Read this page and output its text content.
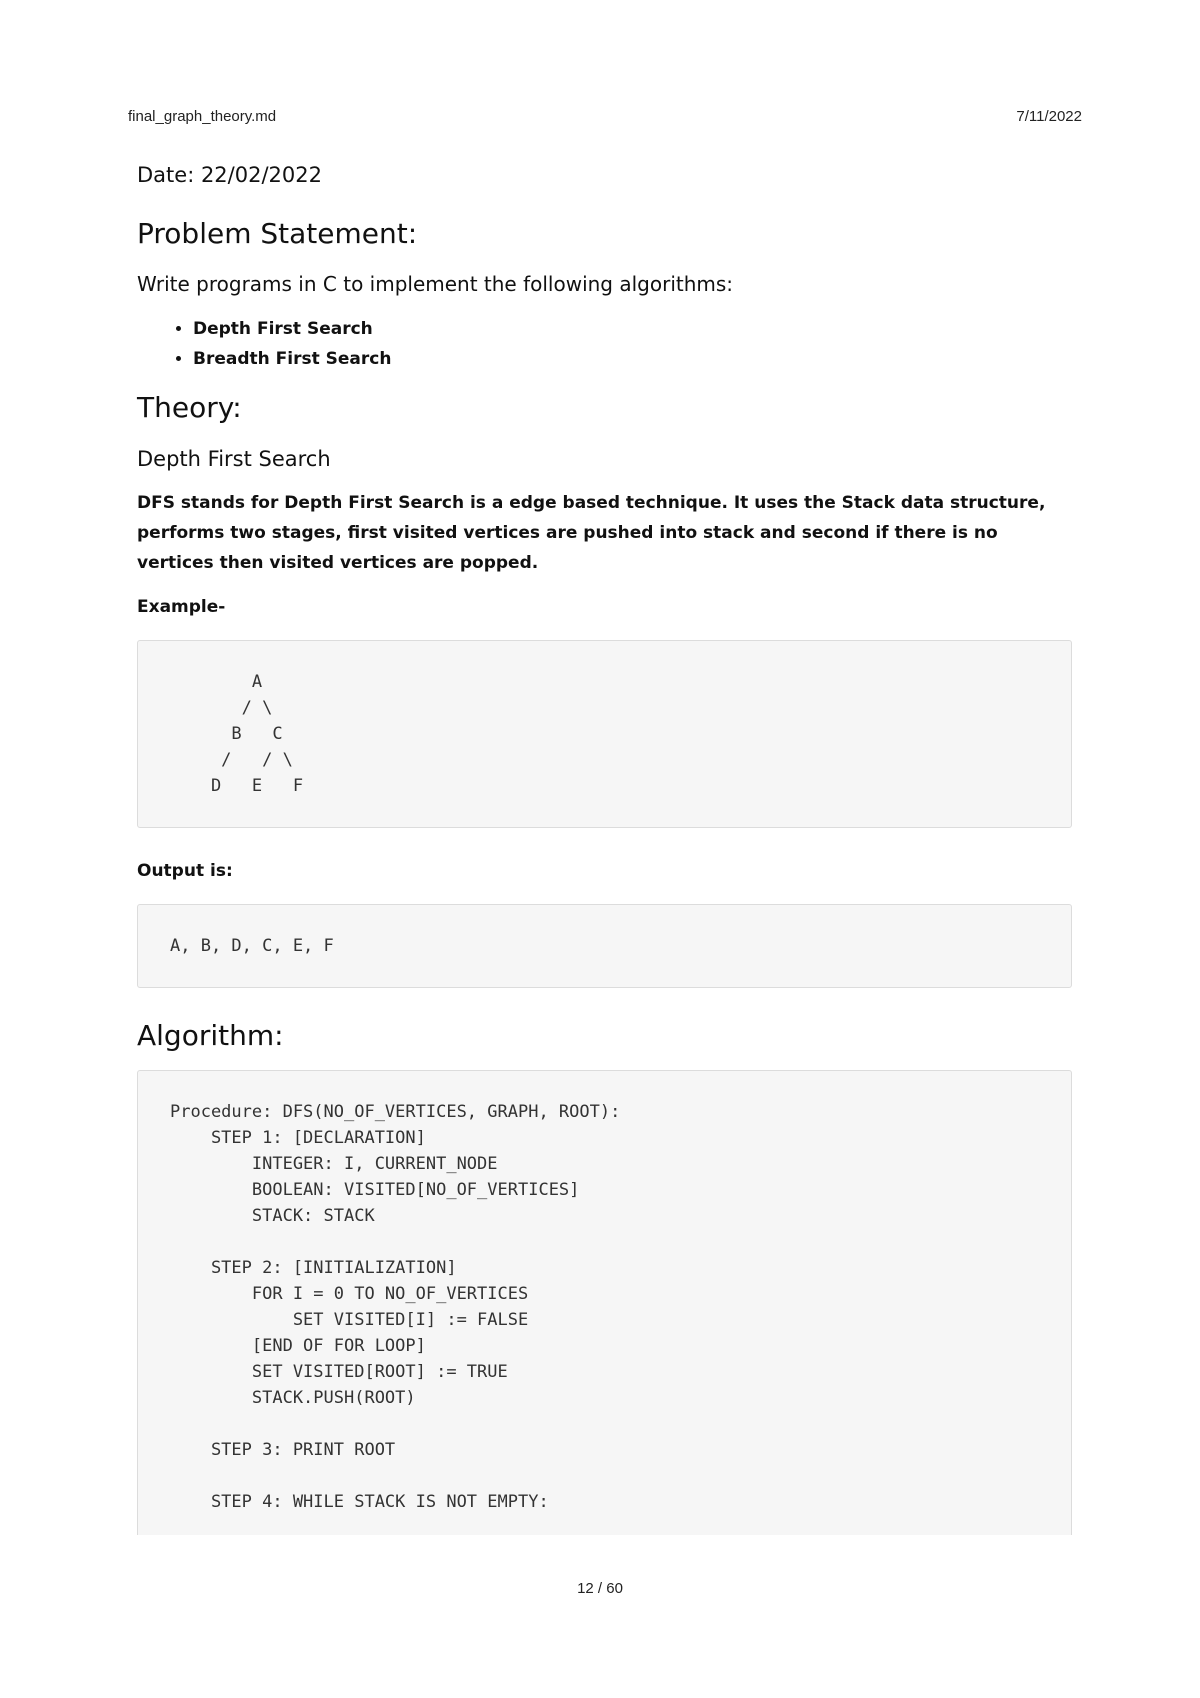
final_graph_theory.md	7/11/2022

Date: 22/02/2022

Problem Statement:

Write programs in C to implement the following algorithms:

• Depth First Search
• Breadth First Search
Theory:
Depth First Search

DFS stands for Depth First Search is a edge based technique. It uses the Stack data structure, performs two stages, first visited vertices are pushed into stack and second if there is no vertices then visited vertices are popped.

Example-

A
/ \
B   C
/   / \
D   E   F

Output is:

A, B, D, C, E, F
Algorithm:
Procedure: DFS(NO_OF_VERTICES, GRAPH, ROOT):
STEP 1: [DECLARATION]
INTEGER: I, CURRENT_NODE
BOOLEAN: VISITED[NO_OF_VERTICES]
STACK: STACK

STEP 2: [INITIALIZATION]
FOR I = 0 TO NO_OF_VERTICES
SET VISITED[I] := FALSE
[END OF FOR LOOP]
SET VISITED[ROOT] := TRUE
STACK.PUSH(ROOT)

STEP 3: PRINT ROOT

STEP 4: WHILE STACK IS NOT EMPTY:
12 / 60
